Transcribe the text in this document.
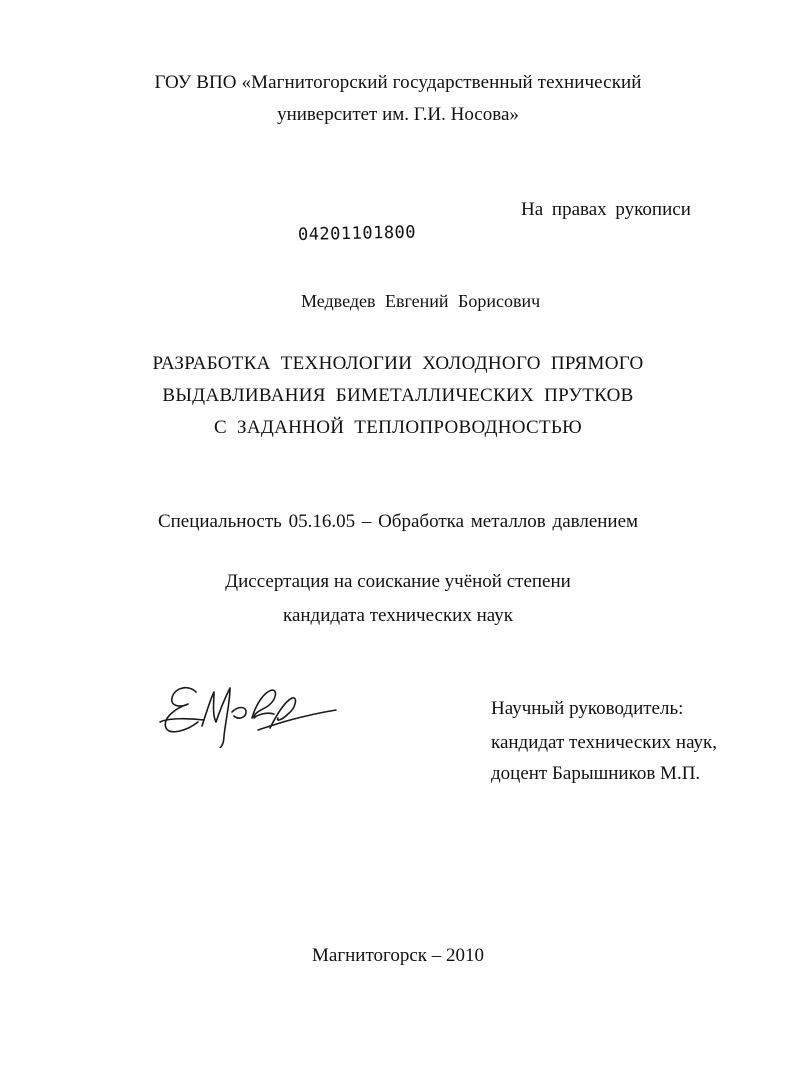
ГОУ ВПО «Магнитогорский государственный технический
университет им. Г.И. Носова»
На правах рукописи
04201101800
Медведев Евгений Борисович
РАЗРАБОТКА ТЕХНОЛОГИИ ХОЛОДНОГО ПРЯМОГО
ВЫДАВЛИВАНИЯ БИМЕТАЛЛИЧЕСКИХ ПРУТКОВ
С ЗАДАННОЙ ТЕПЛОПРОВОДНОСТЬЮ
Специальность 05.16.05 – Обработка металлов давлением
Диссертация на соискание учёной степени
кандидата технических наук
Научный руководитель:
кандидат технических наук,
доцент Барышников М.П.
Магнитогорск – 2010
